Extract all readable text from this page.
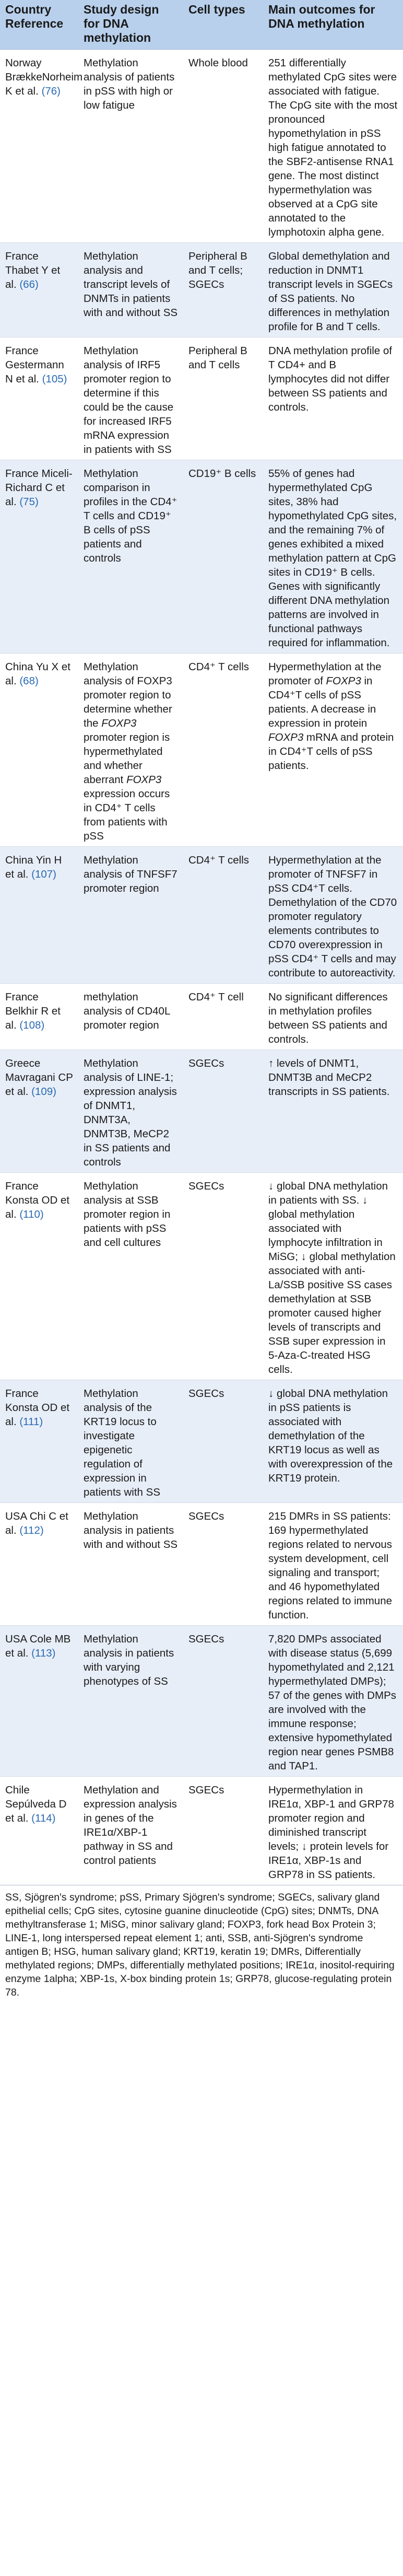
Country Reference	Study design for DNA methylation	Cell types	Main outcomes for DNA methylation
Norway BrækkeNorheim K et al. (76)	Methylation analysis of patients in pSS with high or low fatigue	Whole blood	251 differentially methylated CpG sites were associated with fatigue. The CpG site with the most pronounced hypomethylation in pSS high fatigue annotated to the SBF2-antisense RNA1 gene. The most distinct hypermethylation was observed at a CpG site annotated to the lymphotoxin alpha gene.
France Thabet Y et al. (66)	Methylation analysis and transcript levels of DNMTs in patients with and without SS	Peripheral B and T cells; SGECs	Global demethylation and reduction in DNMT1 transcript levels in SGECs of SS patients. No differences in methylation profile for B and T cells.
France Gestermann N et al. (105)	Methylation analysis of IRF5 promoter region to determine if this could be the cause for increased IRF5 mRNA expression in patients with SS	Peripheral B and T cells	DNA methylation profile of T CD4+ and B lymphocytes did not differ between SS patients and controls.
France Miceli-Richard C et al. (75)	Methylation comparison in profiles in the CD4⁺ T cells and CD19⁺ B cells of pSS patients and controls	CD19⁺ B cells	55% of genes had hypermethylated CpG sites, 38% had hypomethylated CpG sites, and the remaining 7% of genes exhibited a mixed methylation pattern at CpG sites in CD19⁺ B cells. Genes with significantly different DNA methylation patterns are involved in functional pathways required for inflammation.
China Yu X et al. (68)	Methylation analysis of FOXP3 promoter region to determine whether the FOXP3 promoter region is hypermethylated and whether aberrant FOXP3 expression occurs in CD4⁺ T cells from patients with pSS	CD4⁺ T cells	Hypermethylation at the promoter of FOXP3 in CD4⁺T cells of pSS patients. A decrease in expression in protein FOXP3 mRNA and protein in CD4⁺T cells of pSS patients.
China Yin H et al. (107)	Methylation analysis of TNFSF7 promoter region	CD4⁺ T cells	Hypermethylation at the promoter of TNFSF7 in pSS CD4⁺T cells. Demethylation of the CD70 promoter regulatory elements contributes to CD70 overexpression in pSS CD4⁺ T cells and may contribute to autoreactivity.
France Belkhir R et al. (108)	methylation analysis of CD40L promoter region	CD4⁺ T cell	No significant differences in methylation profiles between SS patients and controls.
Greece Mavragani CP et al. (109)	Methylation analysis of LINE-1; expression analysis of DNMT1, DNMT3A, DNMT3B, MeCP2 in SS patients and controls	SGECs	↑ levels of DNMT1, DNMT3B and MeCP2 transcripts in SS patients.
France Konsta OD et al. (110)	Methylation analysis at SSB promoter region in patients with pSS and cell cultures	SGECs	↓ global DNA methylation in patients with SS. ↓ global methylation associated with lymphocyte infiltration in MiSG; ↓ global methylation associated with anti-La/SSB positive SS cases demethylation at SSB promoter caused higher levels of transcripts and SSB super expression in 5-Aza-C-treated HSG cells.
France Konsta OD et al. (111)	Methylation analysis of the KRT19 locus to investigate epigenetic regulation of expression in patients with SS	SGECs	↓ global DNA methylation in pSS patients is associated with demethylation of the KRT19 locus as well as with overexpression of the KRT19 protein.
USA Chi C et al. (112)	Methylation analysis in patients with and without SS	SGECs	215 DMRs in SS patients: 169 hypermethylated regions related to nervous system development, cell signaling and transport; and 46 hypomethylated regions related to immune function.
USA Cole MB et al. (113)	Methylation analysis in patients with varying phenotypes of SS	SGECs	7,820 DMPs associated with disease status (5,699 hypomethylated and 2,121 hypermethylated DMPs); 57 of the genes with DMPs are involved with the immune response; extensive hypomethylated region near genes PSMB8 and TAP1.
Chile Sepúlveda D et al. (114)	Methylation and expression analysis in genes of the IRE1α/XBP-1 pathway in SS and control patients	SGECs	Hypermethylation in IRE1α, XBP-1 and GRP78 promoter region and diminished transcript levels; ↓ protein levels for IRE1α, XBP-1s and GRP78 in SS patients.
SS, Sjögren's syndrome; pSS, Primary Sjögren's syndrome; SGECs, salivary gland epithelial cells; CpG sites, cytosine guanine dinucleotide (CpG) sites; DNMTs, DNA methyltransferase 1; MiSG, minor salivary gland; FOXP3, fork head Box Protein 3; LINE-1, long interspersed repeat element 1; anti, SSB, anti-Sjögren's syndrome antigen B; HSG, human salivary gland; KRT19, keratin 19; DMRs, Differentially methylated regions; DMPs, differentially methylated positions; IRE1α, inositol-requiring enzyme 1alpha; XBP-1s, X-box binding protein 1s; GRP78, glucose-regulating protein 78.
